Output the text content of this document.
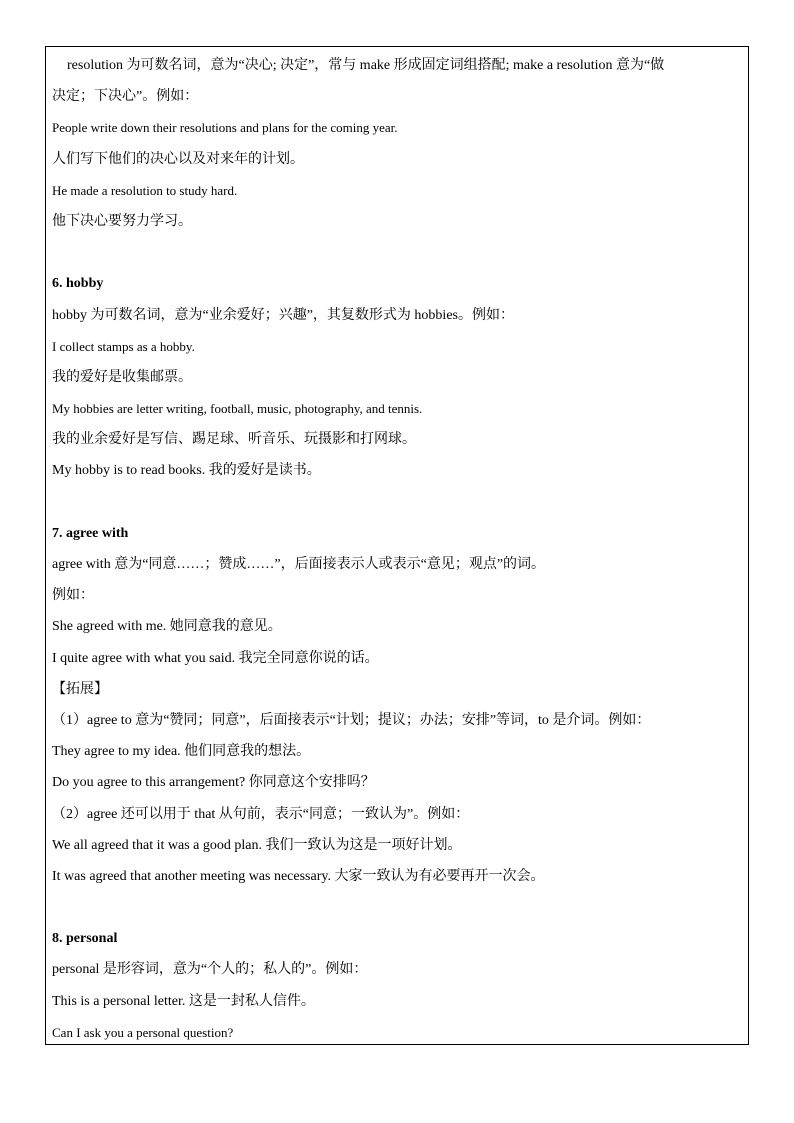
resolution 为可数名词，意为“决心; 决定”，常与 make 形成固定词组搭配; make a resolution 意为“做
决定；下决心”。例如：
People write down their resolutions and plans for the coming year.
人们写下他们的决心以及对来年的计划。
He made a resolution to study hard.
他下决心要努力学习。
6. hobby
hobby 为可数名词，意为“业余爱好；兴趣”，其复数形式为 hobbies。例如：
I collect stamps as a hobby.
我的爱好是收集邮票。
My hobbies are letter writing, football, music, photography, and tennis.
我的业余爱好是写信、踢足球、听音乐、玩摄影和打网球。
My hobby is to read books. 我的爱好是读书。
7. agree with
agree with 意为“同意……；赞成……”，后面接表示人或表示“意见；观点”的词。
例如：
She agreed with me. 她同意我的意见。
I quite agree with what you said. 我完全同意你说的话。
【拓展】
（1）agree to 意为“赞同；同意”，后面接表示“计划；提议；办法；安排”等词，to 是介词。例如：
They agree to my idea. 他们同意我的想法。
Do you agree to this arrangement? 你同意这个安排吗？
（2）agree 还可以用于 that 从句前，表示“同意；一致认为”。例如：
We all agreed that it was a good plan. 我们一致认为这是一项好计划。
It was agreed that another meeting was necessary. 大家一致认为有必要再开一次会。
8. personal
personal 是形容词，意为“个人的；私人的”。例如：
This is a personal letter. 这是一封私人信件。
Can I ask you a personal question?
